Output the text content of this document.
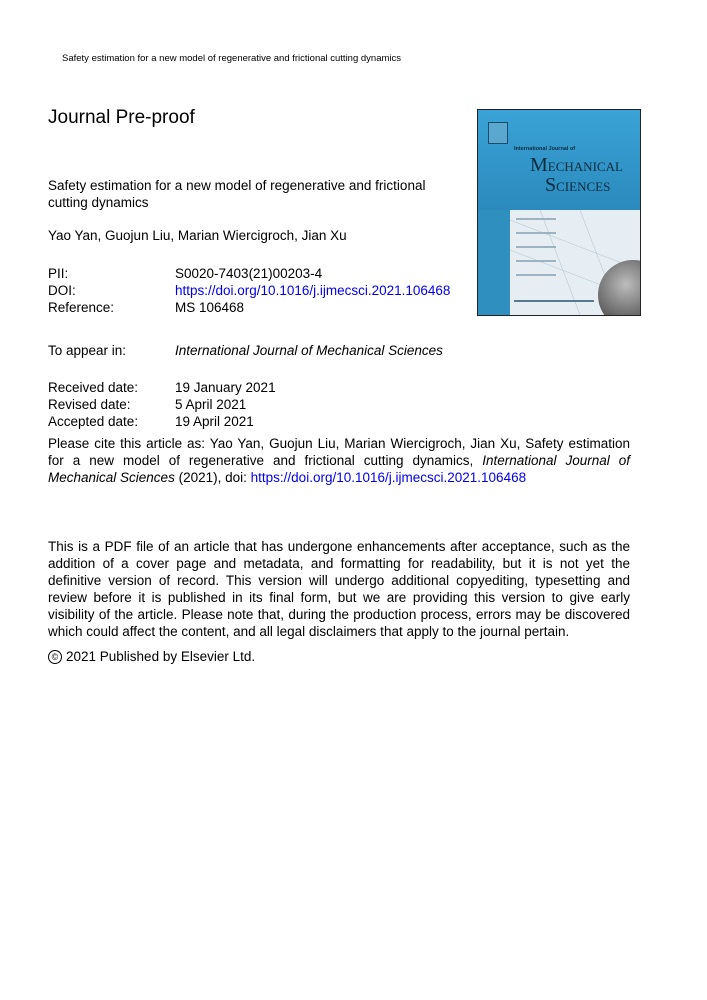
Safety estimation for a new model of regenerative and frictional cutting dynamics
Journal Pre-proof
Safety estimation for a new model of regenerative and frictional cutting dynamics
Yao Yan, Guojun Liu, Marian Wiercigroch, Jian Xu
PII:	S0020-7403(21)00203-4
DOI:	https://doi.org/10.1016/j.ijmecsci.2021.106468
Reference:	MS 106468
To appear in:	International Journal of Mechanical Sciences
Received date:	19 January 2021
Revised date:	5 April 2021
Accepted date:	19 April 2021
Please cite this article as: Yao Yan, Guojun Liu, Marian Wiercigroch, Jian Xu, Safety estimation for a new model of regenerative and frictional cutting dynamics, International Journal of Mechanical Sciences (2021), doi: https://doi.org/10.1016/j.ijmecsci.2021.106468
This is a PDF file of an article that has undergone enhancements after acceptance, such as the addition of a cover page and metadata, and formatting for readability, but it is not yet the definitive version of record. This version will undergo additional copyediting, typesetting and review before it is published in its final form, but we are providing this version to give early visibility of the article. Please note that, during the production process, errors may be discovered which could affect the content, and all legal disclaimers that apply to the journal pertain.
© 2021 Published by Elsevier Ltd.
International Journal of
MECHANICAL
SCIENCES
